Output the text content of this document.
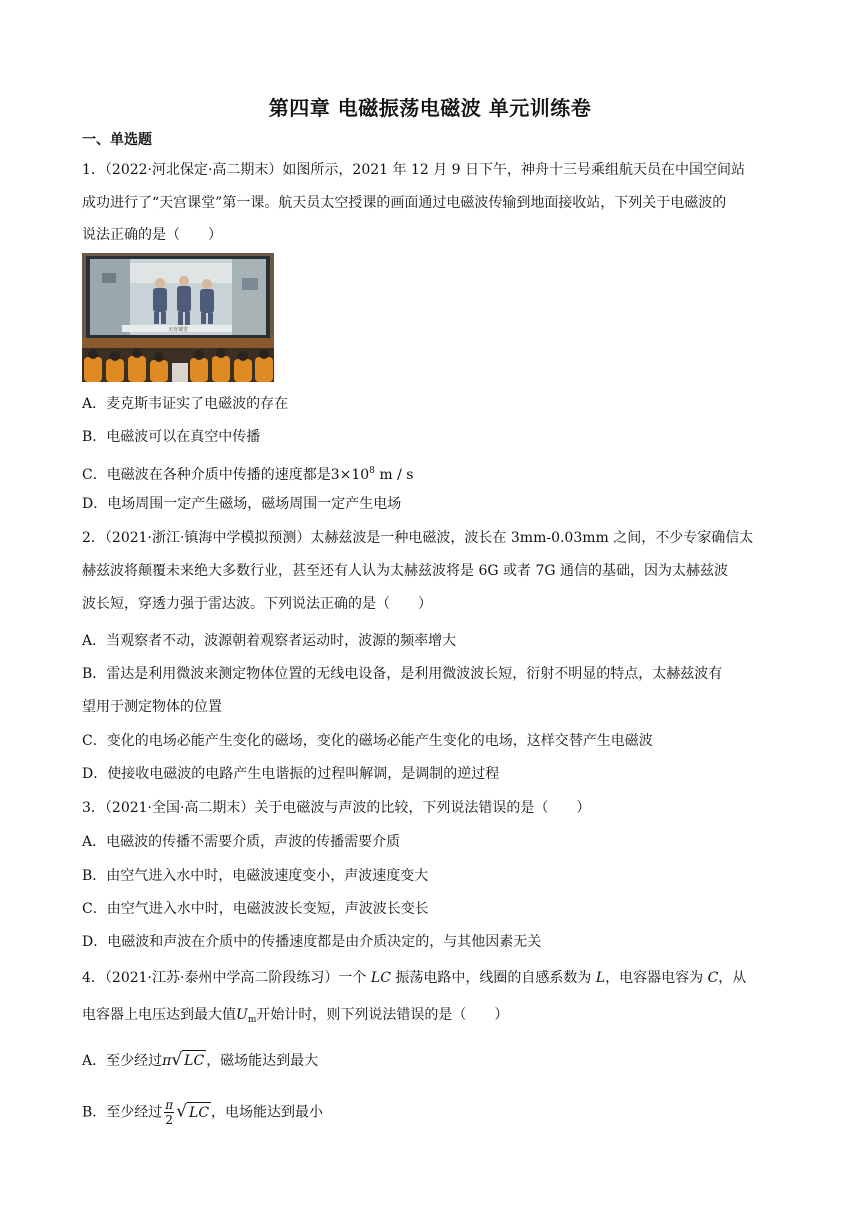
第四章 电磁振荡电磁波 单元训练卷
一、单选题
1．（2022·河北保定·高二期末）如图所示，2021 年 12 月 9 日下午，神舟十三号乘组航天员在中国空间站
成功进行了“天宫课堂”第一课。航天员太空授课的画面通过电磁波传输到地面接收站，下列关于电磁波的
说法正确的是（　　）
天宫课堂
A．麦克斯韦证实了电磁波的存在
B．电磁波可以在真空中传播
C．电磁波在各种介质中传播的速度都是$3\times 10^8$ m / s
D．电场周围一定产生磁场，磁场周围一定产生电场
2．（2021·浙江·镇海中学模拟预测）太赫兹波是一种电磁波，波长在 3mm-0.03mm 之间，不少专家确信太
赫兹波将颠覆未来绝大多数行业，甚至还有人认为太赫兹波将是 6G 或者 7G 通信的基础，因为太赫兹波
波长短，穿透力强于雷达波。下列说法正确的是（　　）
A．当观察者不动，波源朝着观察者运动时，波源的频率增大
B．雷达是利用微波来测定物体位置的无线电设备，是利用微波波长短，衍射不明显的特点，太赫兹波有
望用于测定物体的位置
C．变化的电场必能产生变化的磁场，变化的磁场必能产生变化的电场，这样交替产生电磁波
D．使接收电磁波的电路产生电谐振的过程叫解调，是调制的逆过程
3．（2021·全国·高二期末）关于电磁波与声波的比较，下列说法错误的是（　　）
A．电磁波的传播不需要介质，声波的传播需要介质
B．由空气进入水中时，电磁波速度变小，声波速度变大
C．由空气进入水中时，电磁波波长变短，声波波长变长
D．电磁波和声波在介质中的传播速度都是由介质决定的，与其他因素无关
4．（2021·江苏·泰州中学高二阶段练习）一个 LC 振荡电路中，线圈的自感系数为 L，电容器电容为 C，从
电容器上电压达到最大值$U_m$开始计时，则下列说法错误的是（　　）
A．至少经过π√ LC ，磁场能达到最大
B．至少经过 $\frac{\pi}{2}$ √ LC ，电场能达到最小
